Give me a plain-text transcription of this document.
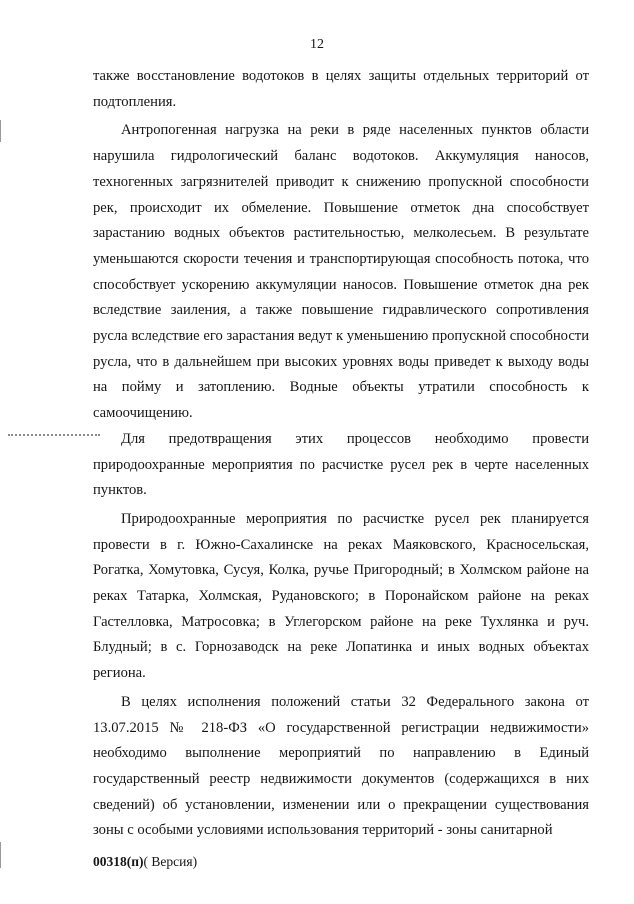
12

также восстановление водотоков в целях защиты отдельных территорий от подтопления.

Антропогенная нагрузка на реки в ряде населенных пунктов области нарушила гидрологический баланс водотоков. Аккумуляция наносов, техногенных загрязнителей приводит к снижению пропускной способности рек, происходит их обмеление. Повышение отметок дна способствует зарастанию водных объектов растительностью, мелколесьем. В результате уменьшаются скорости течения и транспортирующая способность потока, что способствует ускорению аккумуляции наносов. Повышение отметок дна рек вследствие заиления, а также повышение гидравлического сопротивления русла вследствие его зарастания ведут к уменьшению пропускной способности русла, что в дальнейшем при высоких уровнях воды приведет к выходу воды на пойму и затоплению. Водные объекты утратили способность к самоочищению.

Для предотвращения этих процессов необходимо провести природоохранные мероприятия по расчистке русел рек в черте населенных пунктов.

Природоохранные мероприятия по расчистке русел рек планируется провести в г. Южно-Сахалинске на реках Маяковского, Красносельская, Рогатка, Хомутовка, Сусуя, Колка, ручье Пригородный; в Холмском районе на реках Татарка, Холмская, Рудановского; в Поронайском районе на реках Гастелловка, Матросовка; в Углегорском районе на реке Тухлянка и руч. Блудный; в с. Горнозаводск на реке Лопатинка и иных водных объектах региона.

В целях исполнения положений статьи 32 Федерального закона от 13.07.2015 № 218-ФЗ «О государственной регистрации недвижимости» необходимо выполнение мероприятий по направлению в Единый государственный реестр недвижимости документов (содержащихся в них сведений) об установлении, изменении или о прекращении существования зоны с особыми условиями использования территорий - зоны санитарной

00318(п)( Версия)
